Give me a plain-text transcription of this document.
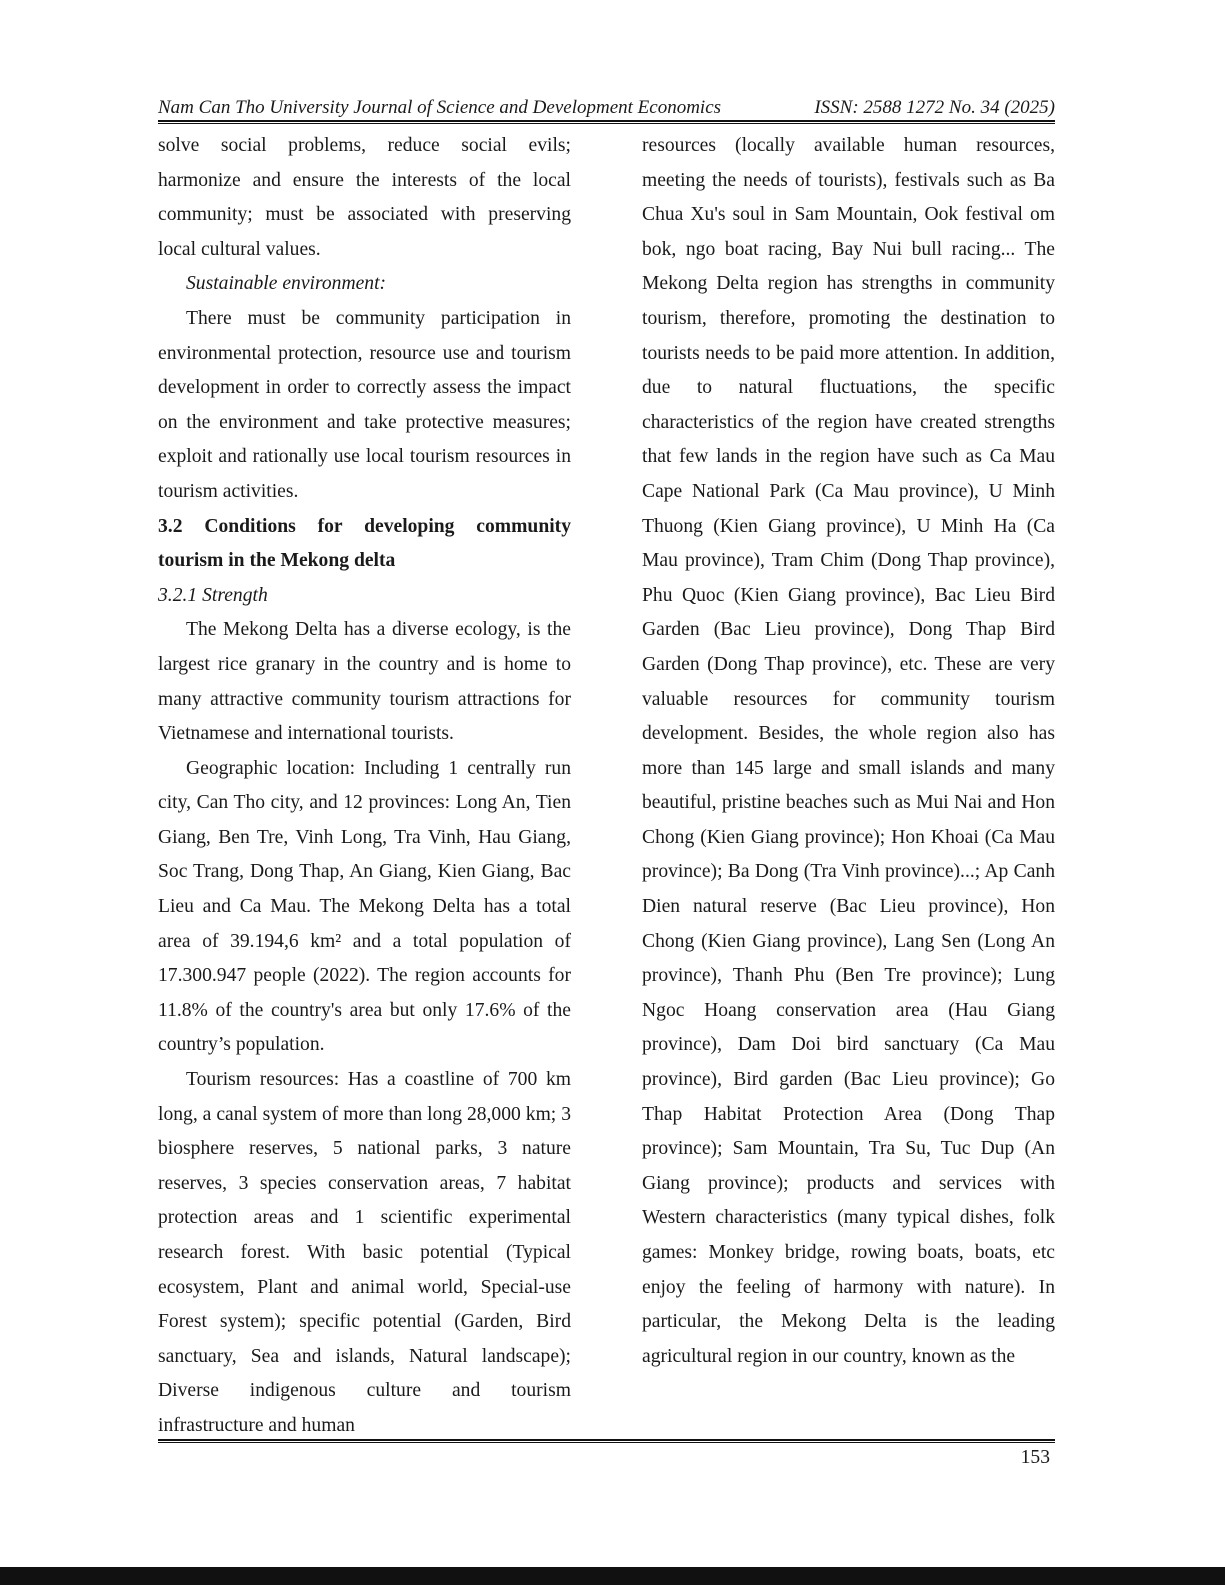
Nam Can Tho University Journal of Science and Development Economics	ISSN: 2588 1272 No. 34 (2025)

solve social problems, reduce social evils; harmonize and ensure the interests of the local community; must be associated with preserving local cultural values.

Sustainable environment:

There must be community participation in environmental protection, resource use and tourism development in order to correctly assess the impact on the environment and take protective measures; exploit and rationally use local tourism resources in tourism activities.

3.2 Conditions for developing community tourism in the Mekong delta

3.2.1 Strength

The Mekong Delta has a diverse ecology, is the largest rice granary in the country and is home to many attractive community tourism attractions for Vietnamese and international tourists.

Geographic location: Including 1 centrally run city, Can Tho city, and 12 provinces: Long An, Tien Giang, Ben Tre, Vinh Long, Tra Vinh, Hau Giang, Soc Trang, Dong Thap, An Giang, Kien Giang, Bac Lieu and Ca Mau. The Mekong Delta has a total area of 39.194,6 km² and a total population of 17.300.947 people (2022). The region accounts for 11.8% of the country's area but only 17.6% of the country’s population.

Tourism resources: Has a coastline of 700 km long, a canal system of more than long 28,000 km; 3 biosphere reserves, 5 national parks, 3 nature reserves, 3 species conservation areas, 7 habitat protection areas and 1 scientific experimental research forest. With basic potential (Typical ecosystem, Plant and animal world, Special-use Forest system); specific potential (Garden, Bird sanctuary, Sea and islands, Natural landscape); Diverse indigenous culture and tourism infrastructure and human

resources (locally available human resources, meeting the needs of tourists), festivals such as Ba Chua Xu's soul in Sam Mountain, Ook festival om bok, ngo boat racing, Bay Nui bull racing... The Mekong Delta region has strengths in community tourism, therefore, promoting the destination to tourists needs to be paid more attention. In addition, due to natural fluctuations, the specific characteristics of the region have created strengths that few lands in the region have such as Ca Mau Cape National Park (Ca Mau province), U Minh Thuong (Kien Giang province), U Minh Ha (Ca Mau province), Tram Chim (Dong Thap province), Phu Quoc (Kien Giang province), Bac Lieu Bird Garden (Bac Lieu province), Dong Thap Bird Garden (Dong Thap province), etc. These are very valuable resources for community tourism development. Besides, the whole region also has more than 145 large and small islands and many beautiful, pristine beaches such as Mui Nai and Hon Chong (Kien Giang province); Hon Khoai (Ca Mau province); Ba Dong (Tra Vinh province)...; Ap Canh Dien natural reserve (Bac Lieu province), Hon Chong (Kien Giang province), Lang Sen (Long An province), Thanh Phu (Ben Tre province); Lung Ngoc Hoang conservation area (Hau Giang province), Dam Doi bird sanctuary (Ca Mau province), Bird garden (Bac Lieu province); Go Thap Habitat Protection Area (Dong Thap province); Sam Mountain, Tra Su, Tuc Dup (An Giang province); products and services with Western characteristics (many typical dishes, folk games: Monkey bridge, rowing boats, boats, etc enjoy the feeling of harmony with nature). In particular, the Mekong Delta is the leading agricultural region in our country, known as the

153
